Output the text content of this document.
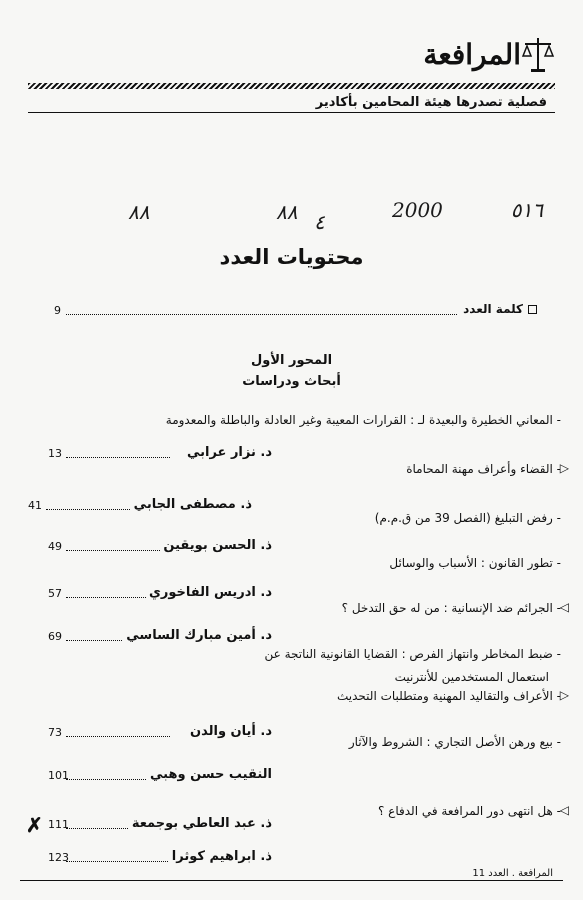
المرافعة
فصلية تصدرها هيئة المحامين بأكادير
٥١٦
2000
٤
٨٨
٨٨
محتويات العدد
كلمة العدد
9
المحور الأول
أبحاث ودراسات
- المعاني الخطيرة والبعيدة لـ : القرارات المعيبة وغير العادلة والباطلة والمعدومة
د. نزار عرابي
13
▷
- القضاء وأعراف مهنة المحاماة
ذ. مصطفى الجابي
41
- رفض التبليغ (الفصل 39 من ق.م.م)
ذ. الحسن بويقين
49
- تطور القانون : الأسباب والوسائل
د. ادريس الفاخوري
57
◁
- الجرائم ضد الإنسانية : من له حق التدخل ؟
د. أمين مبارك الساسي
69
- ضبط المخاطر وانتهاز الفرص : القضايا القانونية الناتجة عن
استعمال المستخدمين للأنترنيت
د. أيان والدن
73
▷
- الأعراف والتقاليد المهنية ومتطلبات التحديث
النقيب حسن وهبي
101
- بيع ورهن الأصل التجاري : الشروط والآثار
✗	ذ. عبد العاطي بوجمعة
111
◁
- هل انتهى دور المرافعة في الدفاع ؟
ذ. ابراهيم كوثرا
123
المرافعة . العدد 11
